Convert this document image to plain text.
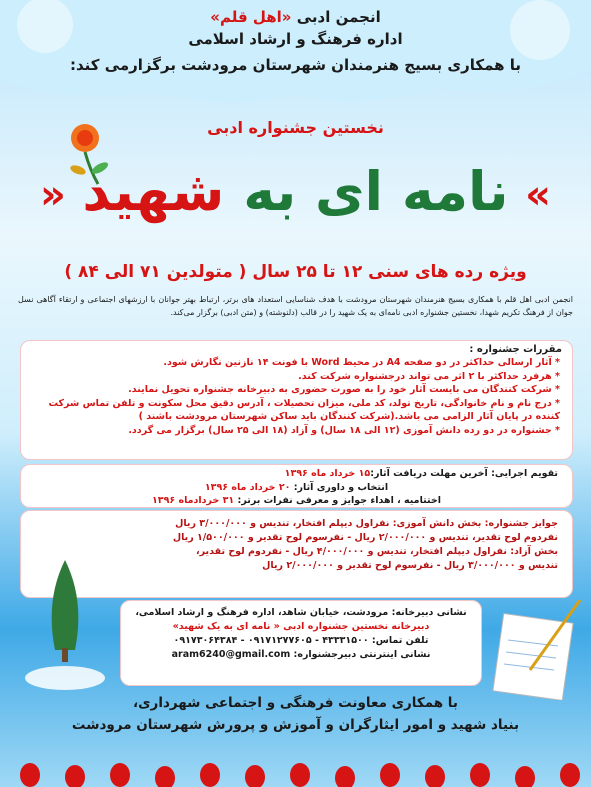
انجمن ادبی «اهل قلم»
اداره فرهنگ و ارشاد اسلامی
با همکاری بسیج هنرمندان شهرستان مرودشت برگزارمی کند:
نخستین جشنواره ادبی
«
نامه ای به شهید
»
ویژه رده های سنی ۱۲ تا ۲۵ سال ( متولدین ۷۱ الی ۸۴ )
انجمن ادبی اهل قلم با همکاری بسیج هنرمندان شهرستان مرودشت با هدف شناسایی استعداد های برتر، ارتباط بهتر جوانان با ارزشهای اجتماعی و ارتقاء آگاهی نسل جوان از فرهنگ تکریم شهدا، نخستین جشنواره ادبی نامه‌ای به یک شهید را در قالب (دلنوشته) و (متن ادبی) برگزار می‌کند.
مقررات جشنواره :
* آثار ارسالی حداکثر در دو صفحه A4 در محیط Word با فونت ۱۴ نازنین نگارش شود.
* هرفرد حداکثر با ۲ اثر می تواند درجشنواره شرکت کند.
* شرکت کنندگان می بایست آثار خود را به صورت حضوری به دبیرخانه جشنواره تحویل نمایند.
* درج نام و نام خانوادگی، تاریخ تولد، کد ملی، میزان تحصیلات ، آدرس دقیق محل سکونت و تلفن تماس شرکت کننده در پایان آثار الزامی می باشد.(شرکت کنندگان باید ساکن شهرستان مرودشت باشند )
* جشنواره در دو رده دانش آموزی (۱۲ الی ۱۸ سال) و آزاد (۱۸ الی ۲۵ سال) برگزار می گردد.
تقویم اجرایی: آخرین مهلت دریافت آثار:۱۵ خرداد ماه ۱۳۹۶
انتخاب و داوری آثار: ۲۰ خرداد ماه ۱۳۹۶
اختتامیه ، اهداء جوایز و معرفی نفرات برتر: ۳۱ خردادماه ۱۳۹۶
جوایز جشنواره: بخش دانش آموزی: نفراول دیپلم افتخار، تندیس و ۳/۰۰۰/۰۰۰ ریال
نفردوم لوح تقدیر، تندیس و ۲/۰۰۰/۰۰۰ ریال - نفرسوم لوح تقدیر و ۱/۵۰۰/۰۰۰ ریال
بخش آزاد: نفراول دیپلم افتخار، تندیس و ۴/۰۰۰/۰۰۰ ریال - نفردوم لوح تقدیر،
تندیس و ۳/۰۰۰/۰۰۰ ریال - نفرسوم لوح تقدیر و ۲/۰۰۰/۰۰۰ ریال
نشانی دبیرخانه: مرودشت، خیابان شاهد، اداره فرهنگ و ارشاد اسلامی،
دبیرخانه نخستین جشنواره ادبی « نامه ای به یک شهید»
تلفن تماس: ۴۳۳۳۱۵۰۰ - ۰۹۱۷۱۲۷۷۶۰۵ - ۰۹۱۷۳۰۶۴۳۸۴
نشانی اینترنتی دبیرجشنواره: aram6240@gmail.com
با همکاری معاونت فرهنگی و اجتماعی شهرداری،
بنیاد شهید و امور ایثارگران و آموزش و پرورش شهرستان مرودشت
